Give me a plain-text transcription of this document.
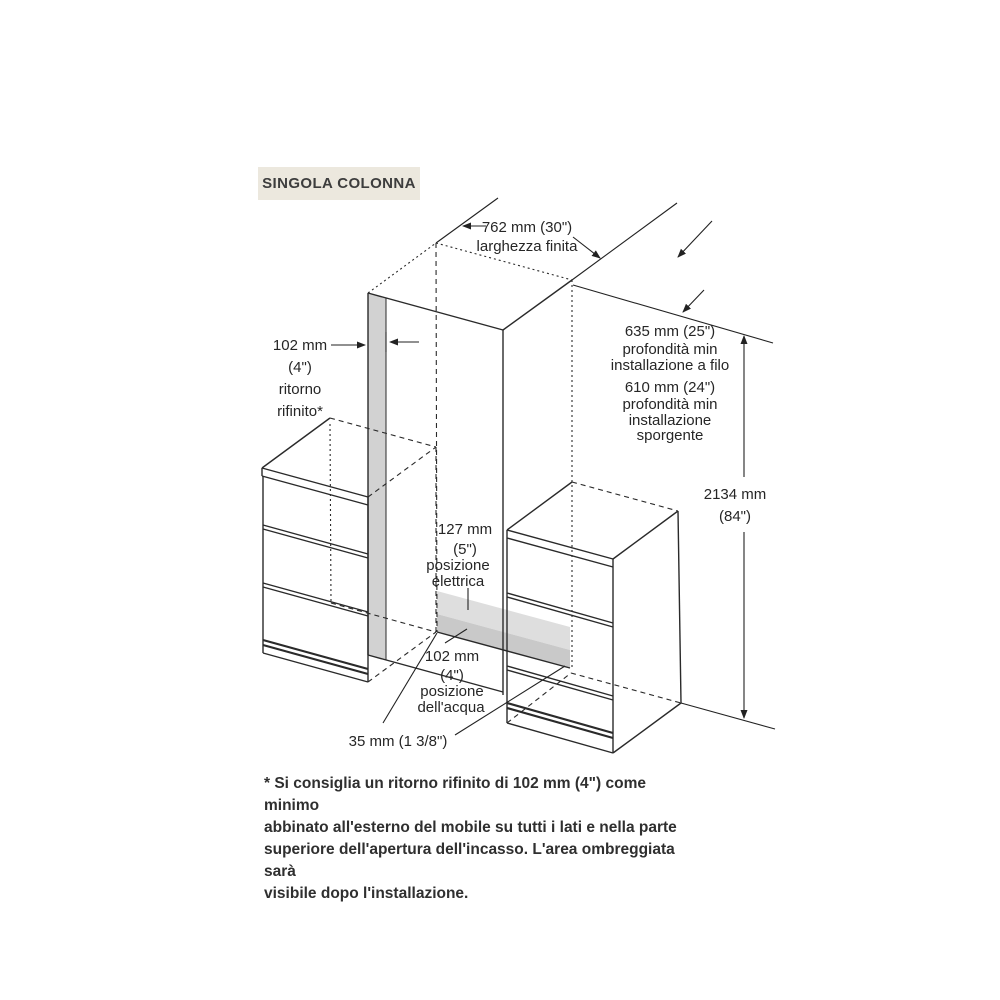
SINGOLA COLONNA
762 mm (30")
larghezza finita
102 mm
(4")
ritorno
rifinito*
635 mm (25")
profondità min
installazione a filo
610 mm (24")
profondità min
installazione
sporgente
2134 mm
(84")
127 mm
(5")
posizione
elettrica
102 mm
(4")
posizione
dell'acqua
35 mm (1 3/8")
* Si consiglia un ritorno rifinito di 102 mm (4") come minimo
abbinato all'esterno del mobile su tutti i lati e nella parte
superiore dell'apertura dell'incasso. L'area ombreggiata sarà
visibile dopo l'installazione.
